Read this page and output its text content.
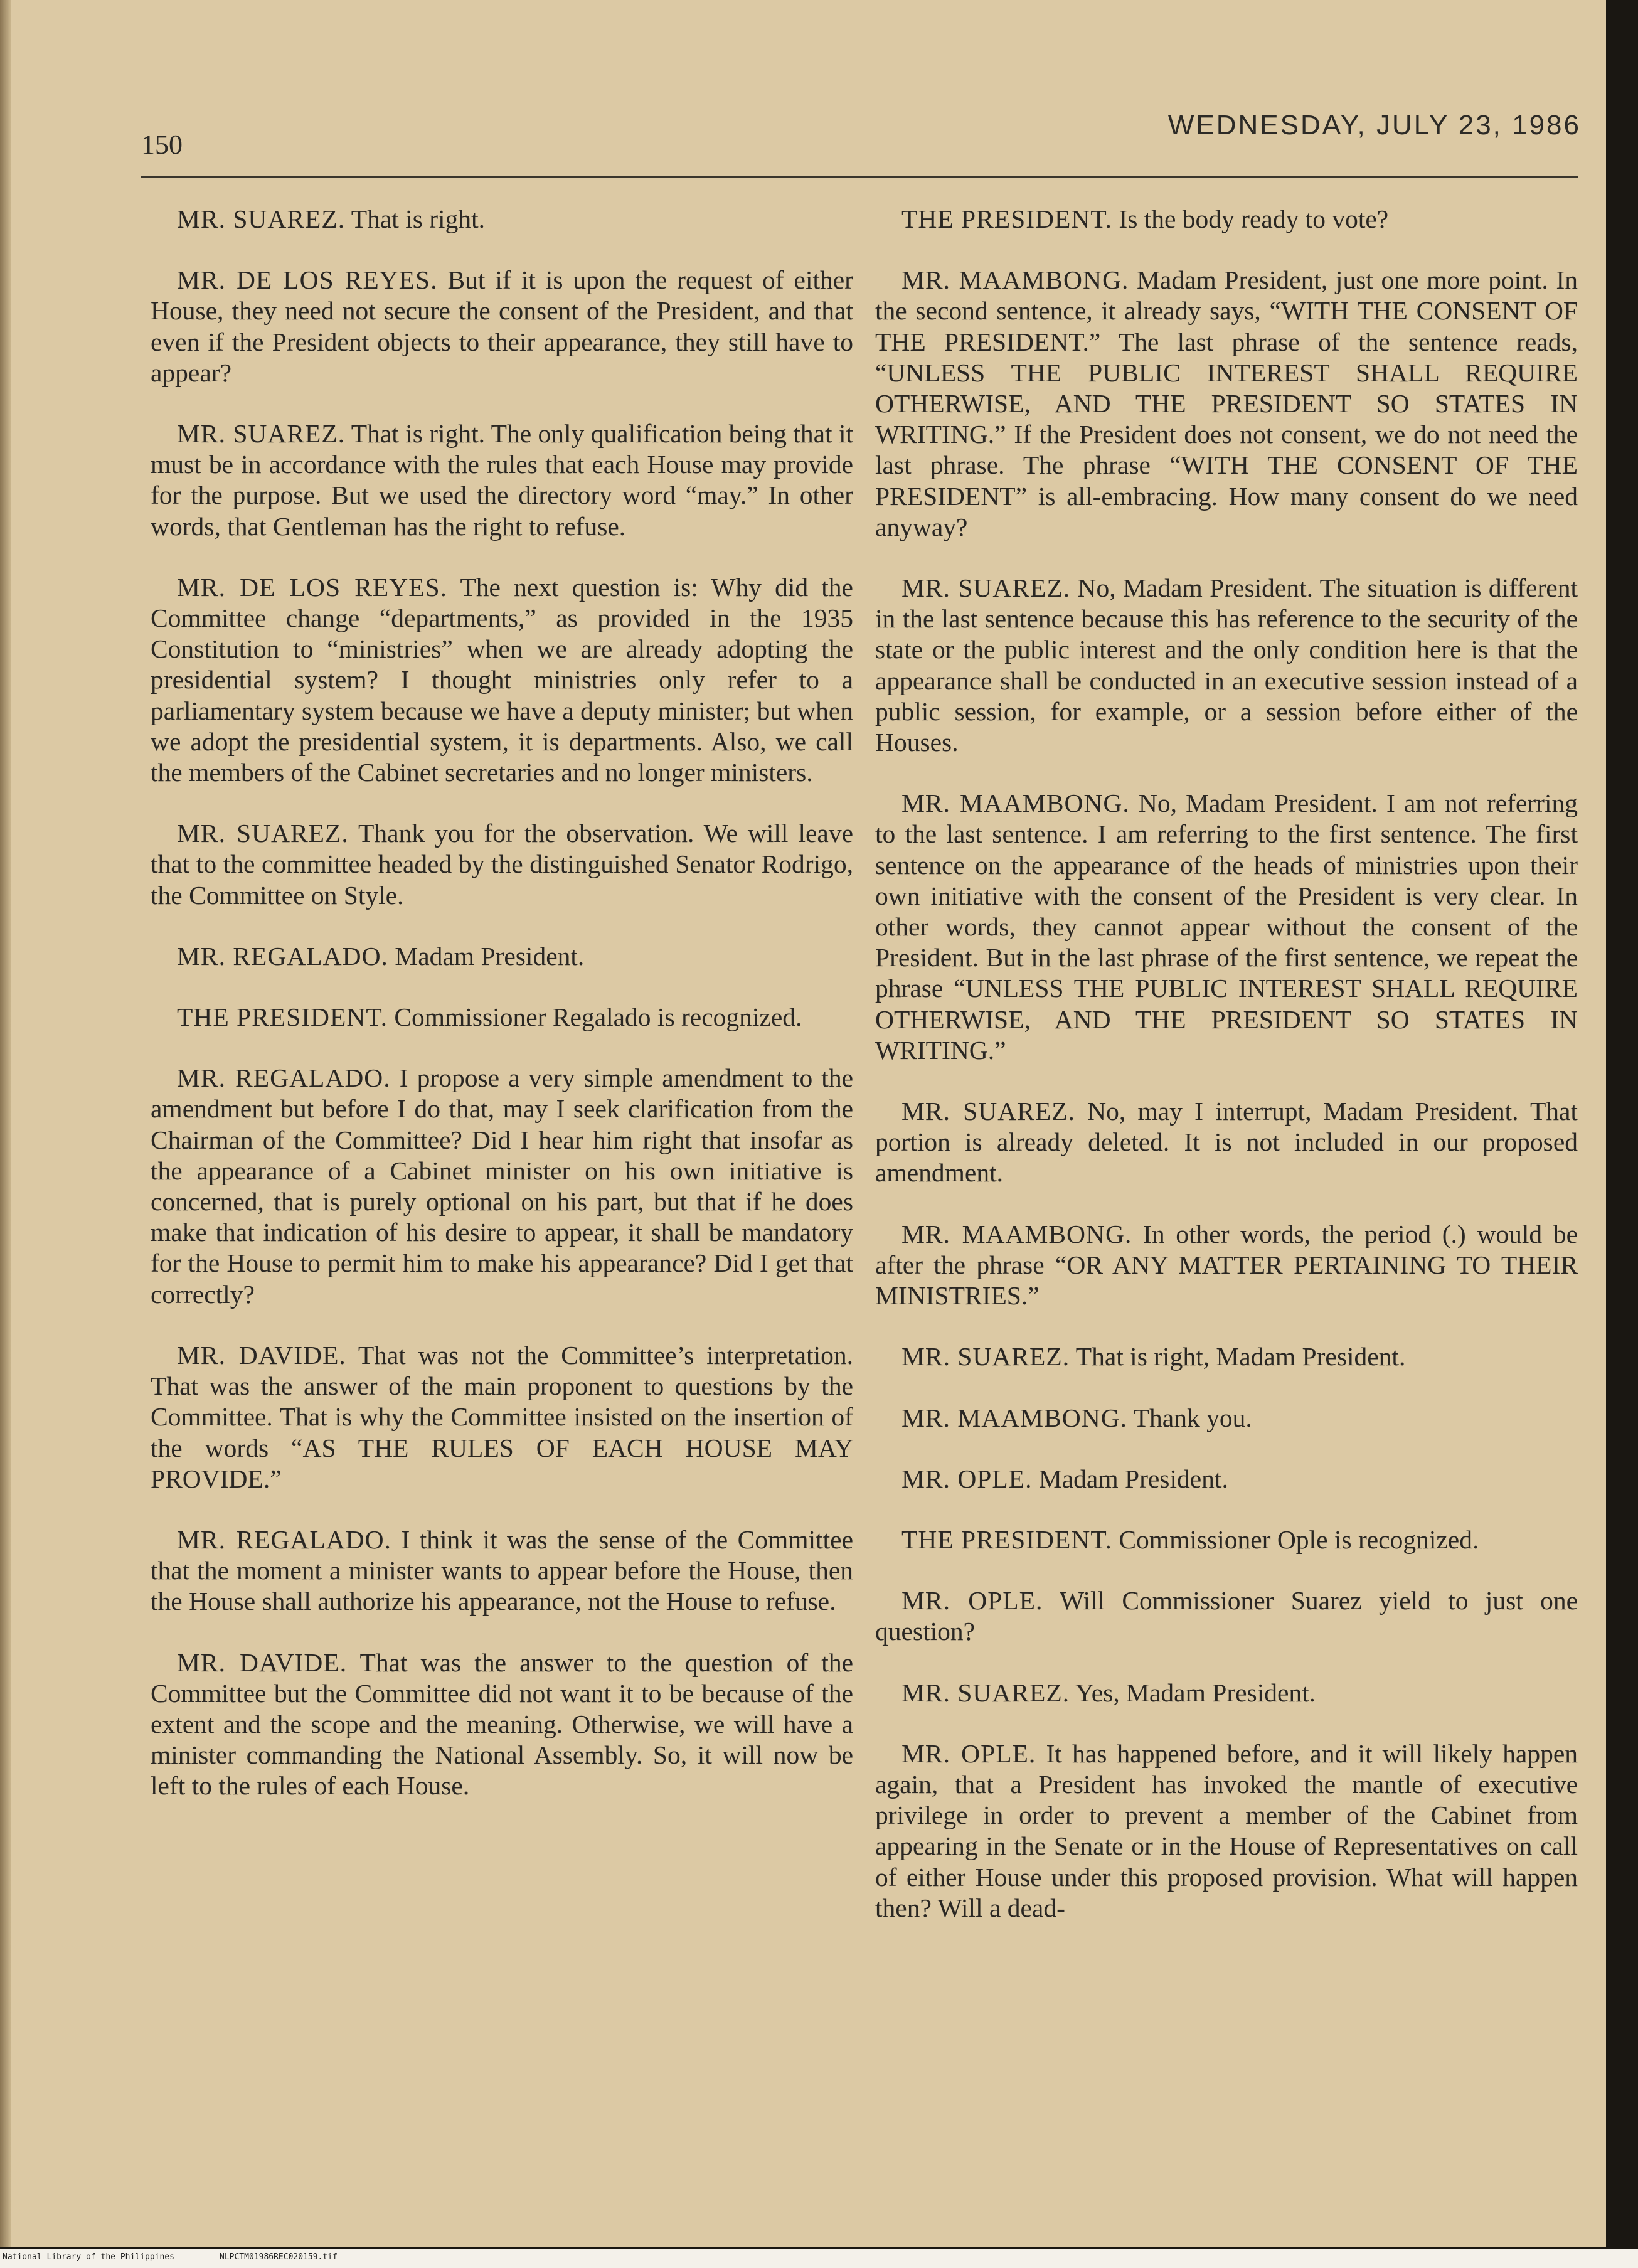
150
WEDNESDAY, JULY 23, 1986

MR. SUAREZ. That is right.

MR. DE LOS REYES. But if it is upon the request of either House, they need not secure the consent of the President, and that even if the President objects to their appearance, they still have to appear?

MR. SUAREZ. That is right. The only qualification being that it must be in accordance with the rules that each House may provide for the purpose. But we used the directory word “may.” In other words, that Gentleman has the right to refuse.

MR. DE LOS REYES. The next question is: Why did the Committee change “departments,” as provided in the 1935 Constitution to “ministries” when we are already adopting the presidential system? I thought ministries only refer to a parliamentary system because we have a deputy minister; but when we adopt the presidential system, it is departments. Also, we call the members of the Cabinet secretaries and no longer ministers.

MR. SUAREZ. Thank you for the observation. We will leave that to the committee headed by the distinguished Senator Rodrigo, the Committee on Style.

MR. REGALADO. Madam President.

THE PRESIDENT. Commissioner Regalado is recognized.

MR. REGALADO. I propose a very simple amendment to the amendment but before I do that, may I seek clarification from the Chairman of the Committee? Did I hear him right that insofar as the appearance of a Cabinet minister on his own initiative is concerned, that is purely optional on his part, but that if he does make that indication of his desire to appear, it shall be mandatory for the House to permit him to make his appearance? Did I get that correctly?

MR. DAVIDE. That was not the Committee’s interpretation. That was the answer of the main proponent to questions by the Committee. That is why the Committee insisted on the insertion of the words “AS THE RULES OF EACH HOUSE MAY PROVIDE.”

MR. REGALADO. I think it was the sense of the Committee that the moment a minister wants to appear before the House, then the House shall authorize his appearance, not the House to refuse.

MR. DAVIDE. That was the answer to the question of the Committee but the Committee did not want it to be because of the extent and the scope and the meaning. Otherwise, we will have a minister commanding the National Assembly. So, it will now be left to the rules of each House.

THE PRESIDENT. Is the body ready to vote?

MR. MAAMBONG. Madam President, just one more point. In the second sentence, it already says, “WITH THE CONSENT OF THE PRESIDENT.” The last phrase of the sentence reads, “UNLESS THE PUBLIC INTEREST SHALL REQUIRE OTHERWISE, AND THE PRESIDENT SO STATES IN WRITING.” If the President does not consent, we do not need the last phrase. The phrase “WITH THE CONSENT OF THE PRESIDENT” is all-embracing. How many consent do we need anyway?

MR. SUAREZ. No, Madam President. The situation is different in the last sentence because this has reference to the security of the state or the public interest and the only condition here is that the appearance shall be conducted in an executive session instead of a public session, for example, or a session before either of the Houses.

MR. MAAMBONG. No, Madam President. I am not referring to the last sentence. I am referring to the first sentence. The first sentence on the appearance of the heads of ministries upon their own initiative with the consent of the President is very clear. In other words, they cannot appear without the consent of the President. But in the last phrase of the first sentence, we repeat the phrase “UNLESS THE PUBLIC INTEREST SHALL REQUIRE OTHERWISE, AND THE PRESIDENT SO STATES IN WRITING.”

MR. SUAREZ. No, may I interrupt, Madam President. That portion is already deleted. It is not included in our proposed amendment.

MR. MAAMBONG. In other words, the period (.) would be after the phrase “OR ANY MATTER PERTAINING TO THEIR MINISTRIES.”

MR. SUAREZ. That is right, Madam President.

MR. MAAMBONG. Thank you.

MR. OPLE. Madam President.

THE PRESIDENT. Commissioner Ople is recognized.

MR. OPLE. Will Commissioner Suarez yield to just one question?

MR. SUAREZ. Yes, Madam President.

MR. OPLE. It has happened before, and it will likely happen again, that a President has invoked the mantle of executive privilege in order to prevent a member of the Cabinet from appearing in the Senate or in the House of Representatives on call of either House under this proposed provision. What will happen then? Will a dead-

National Library of the Philippines	NLPCTM01986REC020159.tif
